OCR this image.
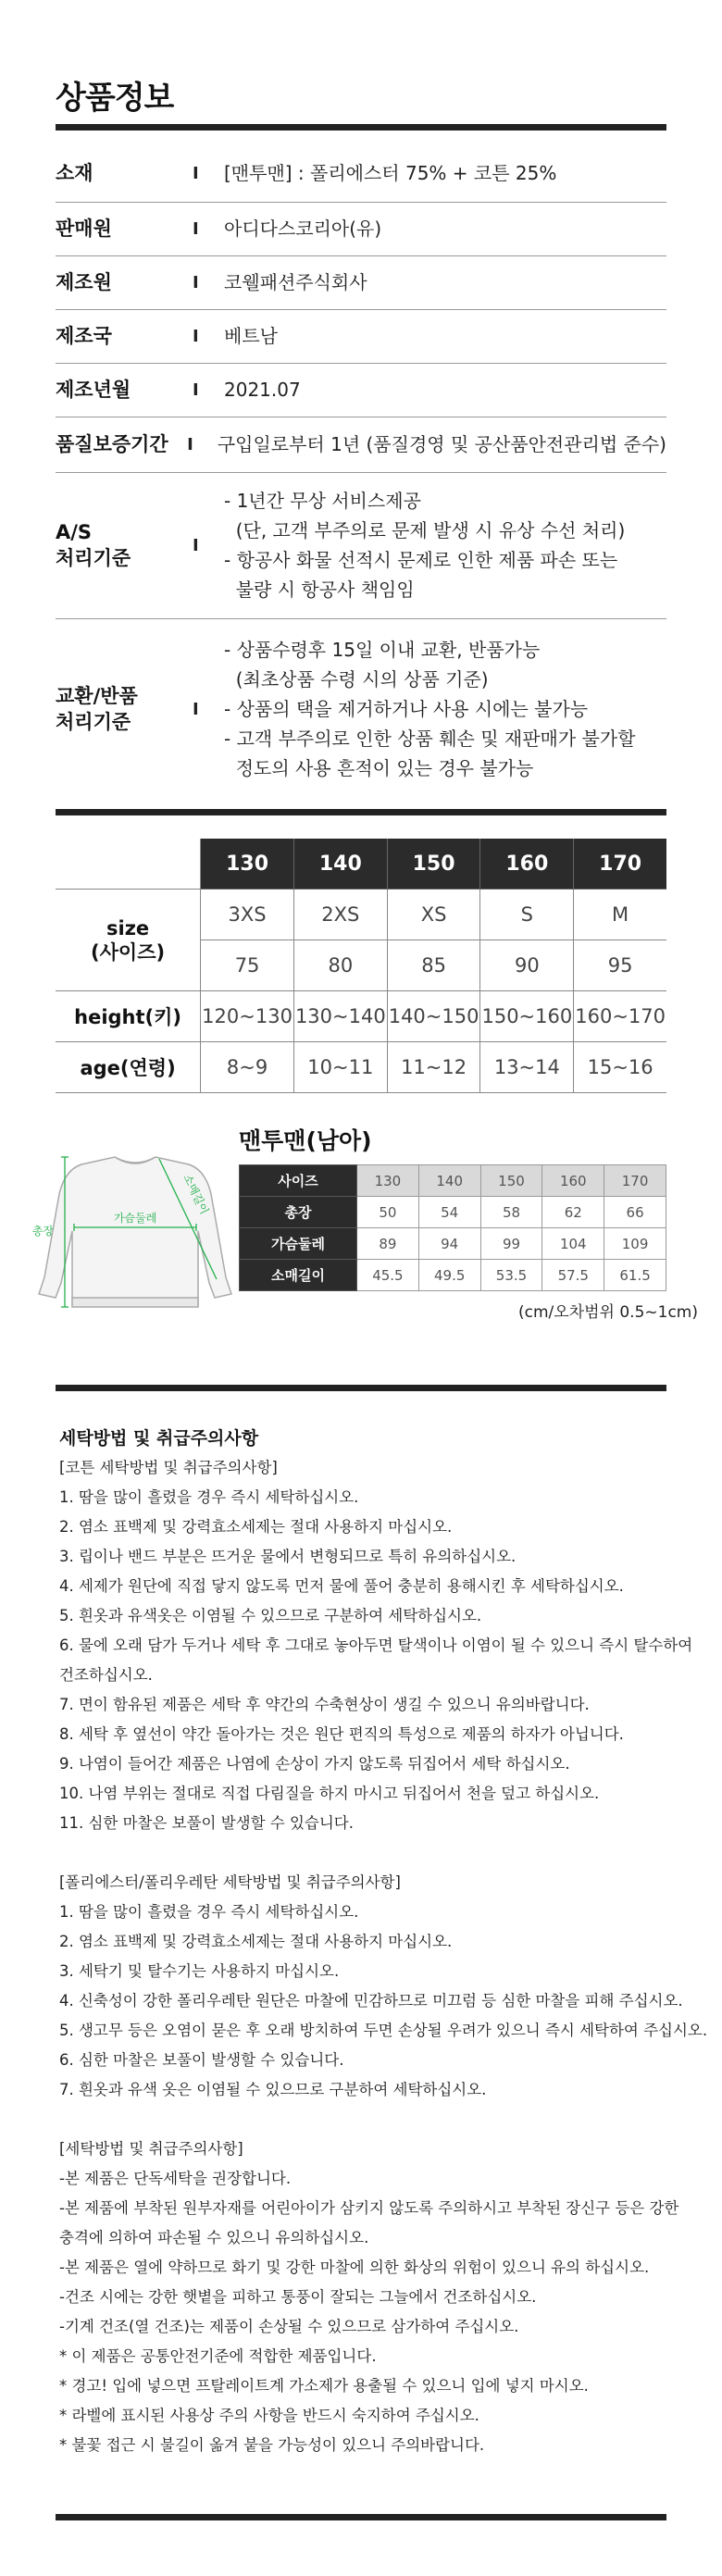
상품정보
소재	I	[맨투맨] : 폴리에스터 75% + 코튼 25%
판매원	I	아디다스코리아(유)
제조원	I	코웰패션주식회사
제조국	I	베트남
제조년월	I	2021.07
품질보증기간	I	구입일로부터 1년 (품질경영 및 공산품안전관리법 준수)
A/S
처리기준
I
- 1년간 무상 서비스제공
(단, 고객 부주의로 문제 발생 시 유상 수선 처리)
- 항공사 화물 선적시 문제로 인한 제품 파손 또는
불량 시 항공사 책임임
교환/반품
처리기준
I
- 상품수령후 15일 이내 교환, 반품가능
(최초상품 수령 시의 상품 기준)
- 상품의 택을 제거하거나 사용 시에는 불가능
- 고객 부주의로 인한 상품 훼손 및 재판매가 불가할
정도의 사용 흔적이 있는 경우 불가능
	130	140	150	160	170

size
(사이즈)	3XS	2XS	XS	S	M
	75	80	85	90	95
height(키)	120~130	130~140	140~150	150~160	160~170
age(연령)	8~9	10~11	11~12	13~14	15~16
총장
가슴둘레
소매길이
맨투맨(남아)
사이즈	130	140	150	160	170
총장	50	54	58	62	66
가슴둘레	89	94	99	104	109
소매길이	45.5	49.5	53.5	57.5	61.5
(cm/오차범위 0.5~1cm)
세탁방법 및 취급주의사항
[코튼 세탁방법 및 취급주의사항]
1. 땀을 많이 흘렸을 경우 즉시 세탁하십시오.
2. 염소 표백제 및 강력효소세제는 절대 사용하지 마십시오.
3. 립이나 밴드 부분은 뜨거운 물에서 변형되므로 특히 유의하십시오.
4. 세제가 원단에 직접 닿지 않도록 먼저 물에 풀어 충분히 용해시킨 후 세탁하십시오.
5. 흰옷과 유색옷은 이염될 수 있으므로 구분하여 세탁하십시오.
6. 물에 오래 담가 두거나 세탁 후 그대로 놓아두면 탈색이나 이염이 될 수 있으니 즉시 탈수하여
건조하십시오.
7. 면이 함유된 제품은 세탁 후 약간의 수축현상이 생길 수 있으니 유의바랍니다.
8. 세탁 후 옆선이 약간 돌아가는 것은 원단 편직의 특성으로 제품의 하자가 아닙니다.
9. 나염이 들어간 제품은 나염에 손상이 가지 않도록 뒤집어서 세탁 하십시오.
10. 나염 부위는 절대로 직접 다림질을 하지 마시고 뒤집어서 천을 덮고 하십시오.
11. 심한 마찰은 보풀이 발생할 수 있습니다.
[폴리에스터/폴리우레탄 세탁방법 및 취급주의사항]
1. 땀을 많이 흘렸을 경우 즉시 세탁하십시오.
2. 염소 표백제 및 강력효소세제는 절대 사용하지 마십시오.
3. 세탁기 및 탈수기는 사용하지 마십시오.
4. 신축성이 강한 폴리우레탄 원단은 마찰에 민감하므로 미끄럼 등 심한 마찰을 피해 주십시오.
5. 생고무 등은 오염이 묻은 후 오래 방치하여 두면 손상될 우려가 있으니 즉시 세탁하여 주십시오.
6. 심한 마찰은 보풀이 발생할 수 있습니다.
7. 흰옷과 유색 옷은 이염될 수 있으므로 구분하여 세탁하십시오.
[세탁방법 및 취급주의사항]
-본 제품은 단독세탁을 권장합니다.
-본 제품에 부착된 원부자재를 어린아이가 삼키지 않도록 주의하시고 부착된 장신구 등은 강한
충격에 의하여 파손될 수 있으니 유의하십시오.
-본 제품은 열에 약하므로 화기 및 강한 마찰에 의한 화상의 위험이 있으니 유의 하십시오.
-건조 시에는 강한 햇볕을 피하고 통풍이 잘되는 그늘에서 건조하십시오.
-기계 건조(열 건조)는 제품이 손상될 수 있으므로 삼가하여 주십시오.
* 이 제품은 공통안전기준에 적합한 제품입니다.
* 경고! 입에 넣으면 프탈레이트계 가소제가 용출될 수 있으니 입에 넣지 마시오.
* 라벨에 표시된 사용상 주의 사항을 반드시 숙지하여 주십시오.
* 불꽃 접근 시 불길이 옮겨 붙을 가능성이 있으니 주의바랍니다.
